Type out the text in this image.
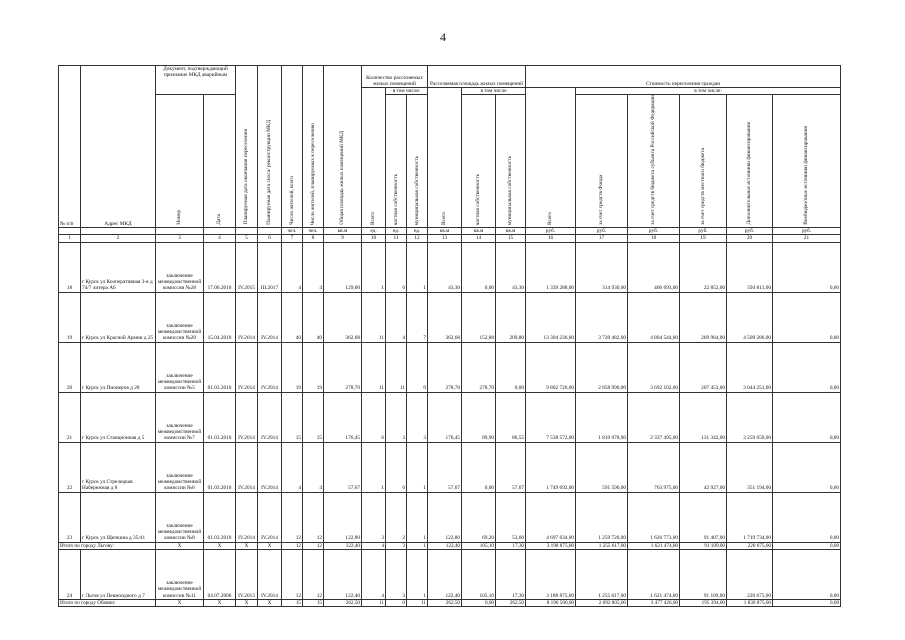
4
№ п/п	Адрес МКД	Документ, подтверждающий признание МКД аварийным		Планируемая дата окончания переселения	Планируемая дата сноса/ реконструкции МКД	Число жителей, всего	Число жителей, планируемых к переселению	Общая площадь жилых помещений МКД	Количество расселяемых жилых помещений			Расселяемая площадь жилых помещений			Стоимость переселения граждан					
									Всего	в том числе:		Всего	в том числе		Всего	в том числе:				
		Номер	Дата							частная собственность	муниципальная собственность		частная собственность	муниципальная собственность		за счет средств Фонда	за счет средств бюджета субъекта Российской Федерации	за счет средств местного бюджета	Дополнительные источники финансирования	Внебюджетные источники финансирования
						чел.	чел.	кв.м	ед.	ед.	ед.	кв.м	кв.м	кв.м	руб.	руб.	руб.	руб.	руб.	руб.
1	2	3	4	5	6	7	8	9	10	11	12	13	14	15	16	17	18	19	20	21
18	г Курск ул Кооперативная 3-я д 74/7 литера А6	заключение межведомственной комиссии №28	17.06.2010	IV.2015	III.2017	4	4	129,00	1	0	1	43,30	0,00	43,30	1 339 288,00	314 930,00	406 693,00	22 852,00	594 813,00	0,00
19	г Курск ул Красной Армии д 25	заключение межведомственной комиссии №20	15.04.2010	IV.2014	IV.2014	40	40	362,68	11	4	7	362,68	152,88	209,80	13 304 236,00	3 720 482,00	4 804 544,00	269 964,00	4 509 286,00	0,00
20	г Курск ул Пионеров д 28	заключение межведомственной комиссии №5	01.03.2010	IV.2014	IV.2014	19	19	278,70	11	11	0	278,70	278,70	0,00	9 802 726,00	2 858 990,00	3 692 102,00	207 453,00	3 044 251,00	0,00
21	г Курск ул Станционная д 5	заключение межведомственной комиссии №7	01.03.2010	IV.2014	IV.2014	15	15	176,45	6	3	3	176,45	89,90	86,55	7 538 572,00	1 810 078,00	2 337 495,00	131 342,00	3 259 659,00	0,00
22	г Курск ул Стрелецкая Набережная д 8	заключение межведомственной комиссии №6	01.03.2010	IV.2014	IV.2014	4	4	57,67	1	0	1	57,67	0,00	57,67	1 749 692,00	591 596,00	763 975,00	42 927,00	351 194,00	0,00
23	г Курск ул Щепкина д 35/41	заключение межведомственной комиссии №8	01.03.2010	IV.2014	IV.2014	12	12	122,80	3	2	1	122,80	69,20	53,60	4 697 634,00	1 259 720,00	1 626 773,00	91 407,00	1 719 734,00	0,00
Итого по городу Льгову:		X	X	X	X	12	12	122,40	4	3	1	122,40	105,10	17,30	3 198 875,00	1 255 617,00	1 621 474,00	91 109,00	220 675,00	0,00
24	г Льгов ул Пешеходного д 7	заключение межведомственной комиссии №11	04.07.2006	IV.2013	IV.2014	12	12	122,40	4	3	1	122,40	105,10	17,30	3 188 875,00	1 255 617,00	1 621 474,00	91 109,00	220 675,00	0,00
Итого по городу Обояни:		X	X	X	X	15	15	262,50	11	0	11	262,50	0,00	262,50	8 196 500,00	2 692 805,00	3 477 426,00	195 394,00	1 830 875,00	0,00
